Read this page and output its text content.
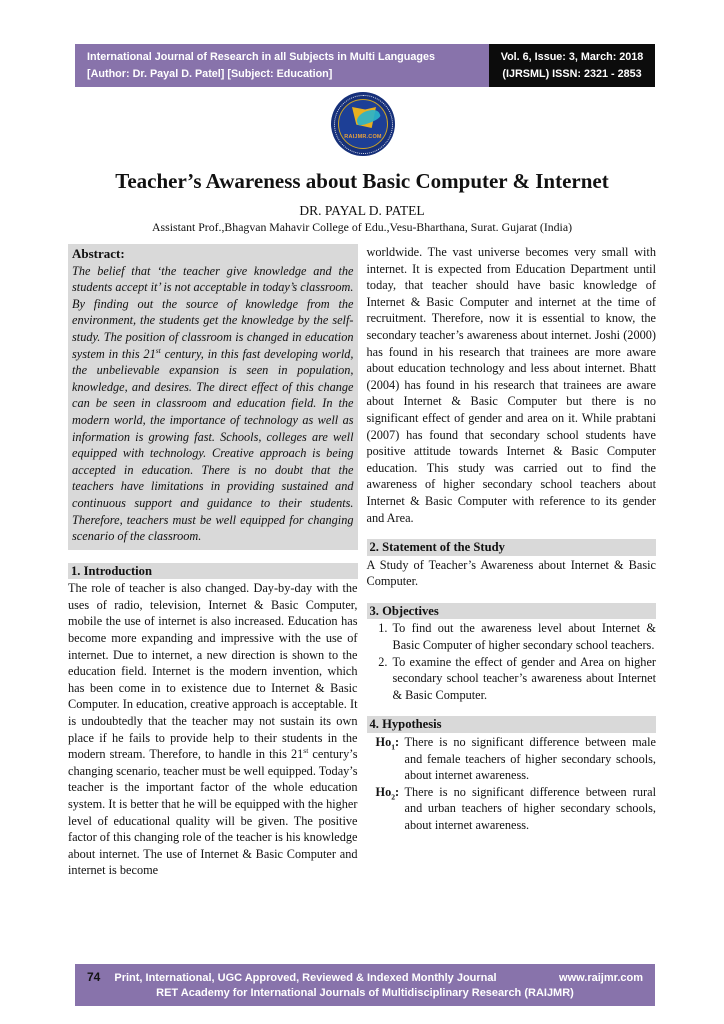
International Journal of Research in all Subjects in Multi Languages
[Author: Dr. Payal D. Patel] [Subject: Education]
Vol. 6, Issue: 3, March: 2018
(IJRSML) ISSN: 2321 - 2853
RAIJMR.COM
Teacher’s Awareness about Basic Computer & Internet
DR. PAYAL D. PATEL
Assistant Prof.,Bhagvan Mahavir College of Edu.,Vesu-Bharthana, Surat. Gujarat (India)
Abstract:
The belief that ‘the teacher give knowledge and the students accept it’ is not acceptable in today’s classroom. By finding out the source of knowledge from the environment, the students get the knowledge by the self-study. The position of classroom is changed in education system in this 21st century, in this fast developing world, the unbelievable expansion is seen in population, knowledge, and desires. The direct effect of this change can be seen in classroom and education field. In the modern world, the importance of technology as well as information is growing fast. Schools, colleges are well equipped with technology. Creative approach is being accepted in education. There is no doubt that the teachers have limitations in providing sustained and continuous support and guidance to their students. Therefore, teachers must be well equipped for changing scenario of the classroom.
1. Introduction
The role of teacher is also changed. Day-by-day with the uses of radio, television, Internet & Basic Computer, mobile the use of internet is also increased. Education has become more expanding and impressive with the use of internet. Due to internet, a new direction is shown to the education field. Internet is the modern invention, which has been come in to existence due to Internet & Basic Computer. In education, creative approach is acceptable. It is undoubtedly that the teacher may not sustain its own place if he fails to provide help to their students in the modern stream. Therefore, to handle in this 21st century’s changing scenario, teacher must be well equipped. Today’s teacher is the important factor of the whole education system. It is better that he will be equipped with the higher level of educational quality will be given. The positive factor of this changing role of the teacher is his knowledge about internet. The use of Internet & Basic Computer and internet is become
worldwide. The vast universe becomes very small with internet. It is expected from Education Department until today, that teacher should have basic knowledge of Internet & Basic Computer and internet at the time of recruitment. Therefore, now it is essential to know, the secondary teacher’s awareness about internet. Joshi (2000) has found in his research that trainees are more aware about education technology and less about internet. Bhatt (2004) has found in his research that trainees are aware about Internet & Basic Computer but there is no significant effect of gender and area on it. While prabtani (2007) has found that secondary school students have positive attitude towards Internet & Basic Computer education. This study was carried out to find the awareness of higher secondary school teachers about Internet & Basic Computer with reference to its gender and Area.
2. Statement of the Study
A Study of Teacher’s Awareness about Internet & Basic Computer.
3. Objectives
1. To find out the awareness level about Internet & Basic Computer of higher secondary school teachers.
2. To examine the effect of gender and Area on higher secondary school teacher’s awareness about Internet & Basic Computer.
4. Hypothesis
$Ho_1$: There is no significant difference between male and female teachers of higher secondary schools, about internet awareness.
$Ho_2$: There is no significant difference between rural and urban teachers of higher secondary schools, about internet awareness.
74 Print, International, UGC Approved, Reviewed & Indexed Monthly Journal	www.raijmr.com
RET Academy for International Journals of Multidisciplinary Research (RAIJMR)
